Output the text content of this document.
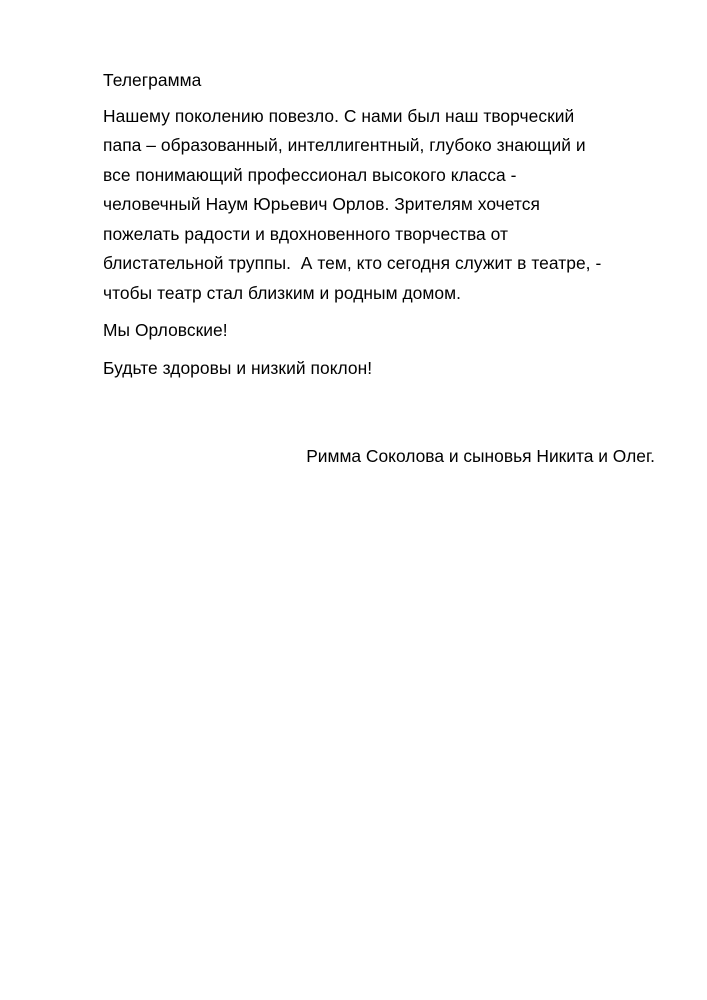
Телеграмма

Нашему поколению повезло. С нами был наш творческий
папа – образованный, интеллигентный, глубоко знающий и
все понимающий профессионал высокого класса -
человечный Наум Юрьевич Орлов. Зрителям хочется
пожелать радости и вдохновенного творчества от
блистательной труппы.  А тем, кто сегодня служит в театре, -
чтобы театр стал близким и родным домом.

Мы Орловские!

Будьте здоровы и низкий поклон!

Римма Соколова и сыновья Никита и Олег.
